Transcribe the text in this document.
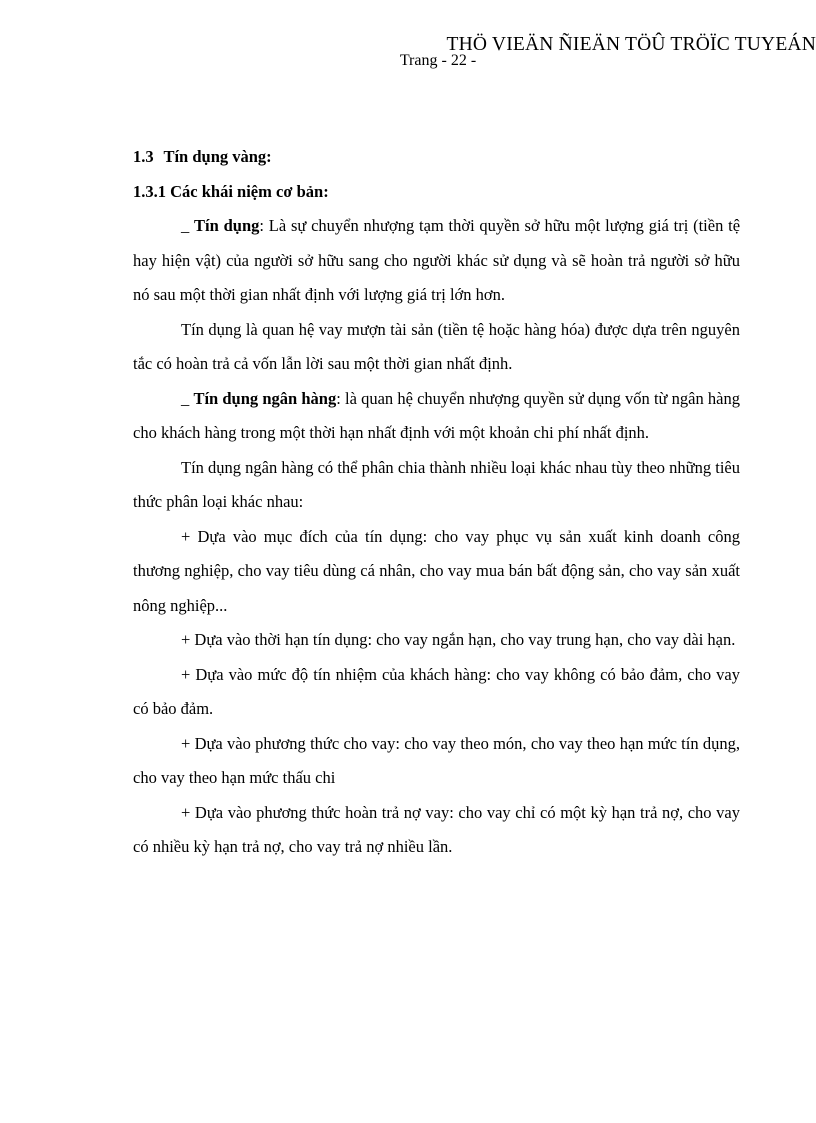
THÖ VIEÄN ÑIEÄN TÖÛ TRÖÏC TUYEÁN
Trang - 22 -

1.3 Tín dụng vàng:

1.3.1 Các khái niệm cơ bản:

_ Tín dụng: Là sự chuyển nhượng tạm thời quyền sở hữu một lượng giá trị (tiền tệ hay hiện vật) của người sở hữu sang cho người khác sử dụng và sẽ hoàn trả người sở hữu nó sau một thời gian nhất định với lượng giá trị lớn hơn.

Tín dụng là quan hệ vay mượn tài sản (tiền tệ hoặc hàng hóa) được dựa trên nguyên tắc có hoàn trả cả vốn lẫn lời sau một thời gian nhất định.

_ Tín dụng ngân hàng: là quan hệ chuyển nhượng quyền sử dụng vốn từ ngân hàng cho khách hàng trong một thời hạn nhất định với một khoản chi phí nhất định.

Tín dụng ngân hàng có thể phân chia thành nhiều loại khác nhau tùy theo những tiêu thức phân loại khác nhau:

+ Dựa vào mục đích của tín dụng: cho vay phục vụ sản xuất kinh doanh công thương nghiệp, cho vay tiêu dùng cá nhân, cho vay mua bán bất động sản, cho vay sản xuất nông nghiệp...

+ Dựa vào thời hạn tín dụng: cho vay ngắn hạn, cho vay trung hạn, cho vay dài hạn.

+ Dựa vào mức độ tín nhiệm của khách hàng: cho vay không có bảo đảm, cho vay có bảo đảm.

+ Dựa vào phương thức cho vay: cho vay theo món, cho vay theo hạn mức tín dụng, cho vay theo hạn mức thấu chi

+ Dựa vào phương thức hoàn trả nợ vay: cho vay chỉ có một kỳ hạn trả nợ, cho vay có nhiều kỳ hạn trả nợ, cho vay trả nợ nhiều lần.
